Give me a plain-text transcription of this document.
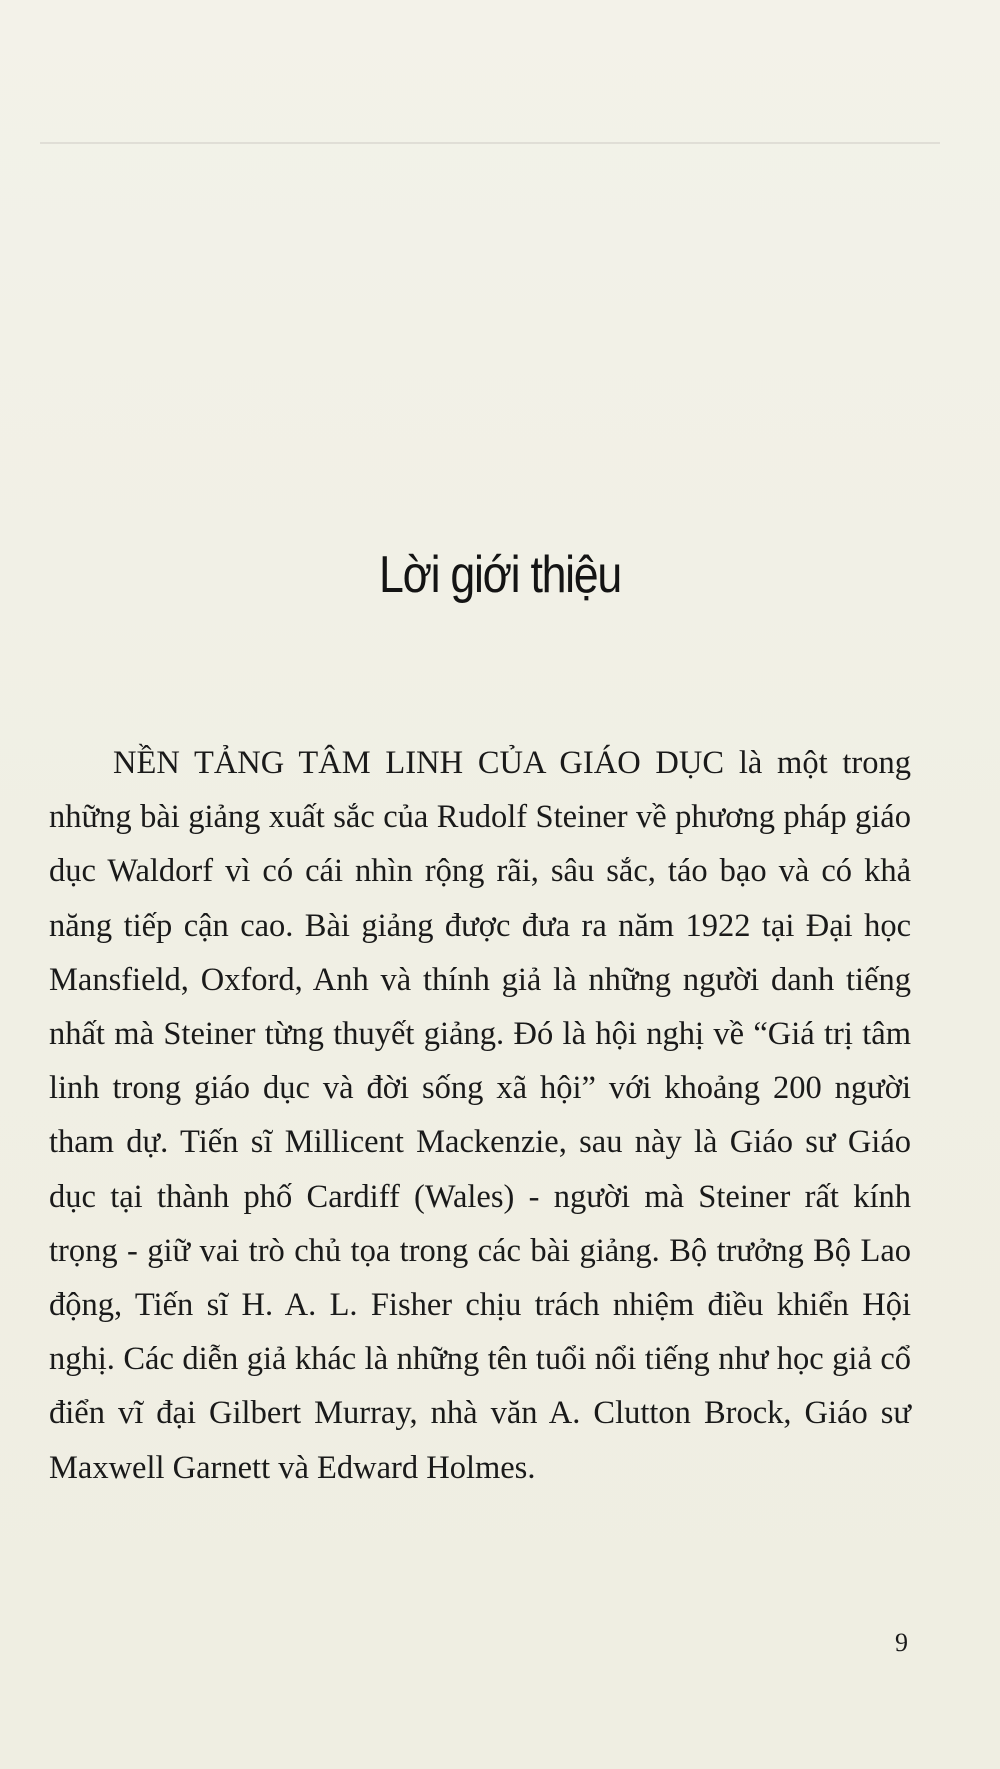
Lời giới thiệu

NỀN TẢNG TÂM LINH CỦA GIÁO DỤC là một trong những bài giảng xuất sắc của Rudolf Steiner về phương pháp giáo dục Waldorf vì có cái nhìn rộng rãi, sâu sắc, táo bạo và có khả năng tiếp cận cao. Bài giảng được đưa ra năm 1922 tại Đại học Mansfield, Oxford, Anh và thính giả là những người danh tiếng nhất mà Steiner từng thuyết giảng. Đó là hội nghị về “Giá trị tâm linh trong giáo dục và đời sống xã hội” với khoảng 200 người tham dự. Tiến sĩ Millicent Mackenzie, sau này là Giáo sư Giáo dục tại thành phố Cardiff (Wales) - người mà Steiner rất kính trọng - giữ vai trò chủ tọa trong các bài giảng. Bộ trưởng Bộ Lao động, Tiến sĩ H. A. L. Fisher chịu trách nhiệm điều khiển Hội nghị. Các diễn giả khác là những tên tuổi nổi tiếng như học giả cổ điển vĩ đại Gilbert Murray, nhà văn A. Clutton Brock, Giáo sư Maxwell Garnett và Edward Holmes.

9
